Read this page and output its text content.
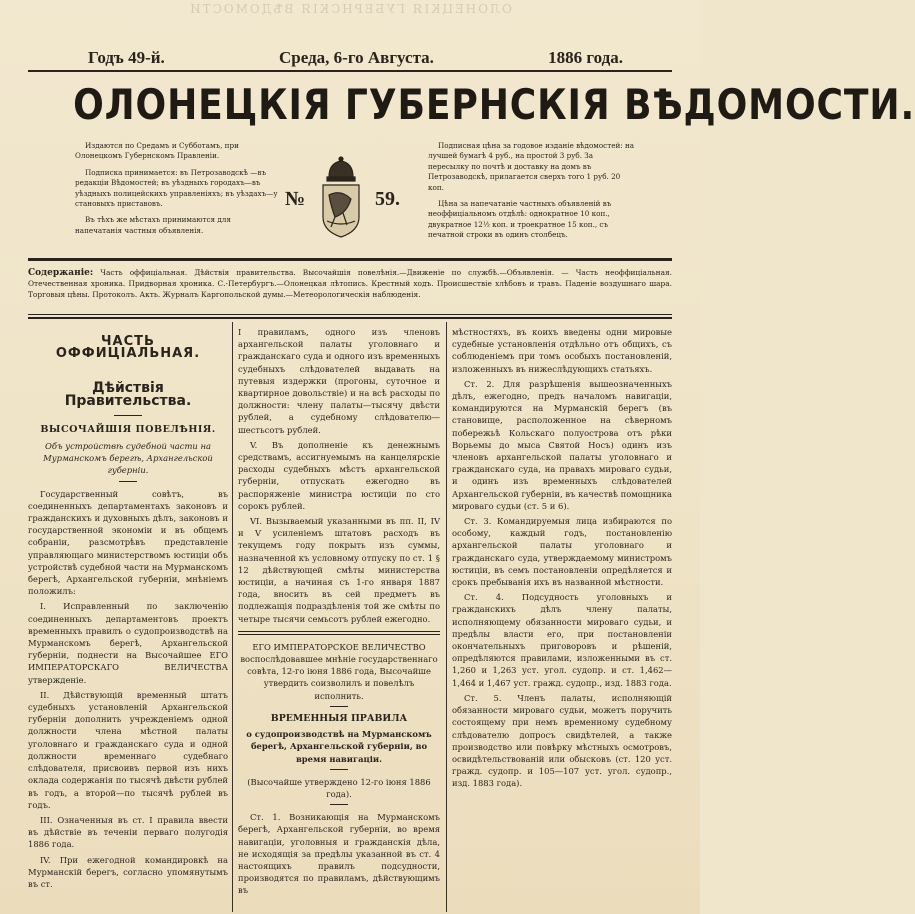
ОЛОНЕЦКІЯ ГУБЕРНСКІЯ ВѢДОМОСТИ
Годъ 49-й.	Среда, 6-го Августа.	1886 года.
ОЛОНЕЦКІЯ ГУБЕРНСКІЯ ВѢДОМОСТИ.

Издаются по Средамъ и Субботамъ, при Олонецкомъ Губернскомъ Правленіи.

Подписка принимается: въ Петрозаводскѣ —въ редакціи Вѣдомостей; въ уѣздныхъ городахъ—въ уѣздныхъ полицейскихъ управленіяхъ; въ уѣздахъ—у становыхъ приставовъ.

Въ тѣхъ же мѣстахъ принимаются для напечатанія частныя объявленія.

№	59.

Подписная цѣна за годовое изданіе вѣдомостей: на лучшей бумагѣ 4 руб., на простой 3 руб. За пересылку по почтѣ и доставку на домъ въ Петрозаводскѣ, прилагается сверхъ того 1 руб. 20 коп.

Цѣна за напечатаніе частныхъ объявленій въ неоффиціальномъ отдѣлѣ: однократное 10 коп., двукратное 12½ коп. и троекратное 15 коп., съ печатной строки въ одинъ столбецъ.

Содержаніе: Часть оффиціальная. Дѣйствія правительства. Высочайшія повелѣнія.—Движеніе по службѣ.—Объявленія. — Часть неоффиціальная. Отечественная хроника. Придворная хроника. С.-Петербургъ.—Олонецкая лѣтопись. Крестный ходъ. Происшествіе хлѣбовъ и травъ. Паденіе воздушнаго шара. Торговыя цѣны. Протоколъ. Акть. Журналъ Каргопольской думы.—Метеорологическія наблюденія.
ЧАСТЬ ОФФИЦІАЛЬНАЯ.
Дѣйствія Правительства.
ВЫСОЧАЙШІЯ ПОВЕЛѢНІЯ.

Объ устройствѣ судебной части на Мурманскомъ берегѣ, Архангельской губерніи.

Государственный совѣтъ, въ соединенныхъ департаментахъ законовъ и гражданскихъ и духовныхъ дѣлъ, законовъ и государственной экономіи и въ общемъ собраніи, разсмотрѣвъ представленіе управляющаго министерствомъ юстиціи объ устройствѣ судебной части на Мурманскомъ берегѣ, Архангельской губерніи, мнѣніемъ положилъ:

I. Исправленный по заключенію соединенныхъ департаментовъ проектъ временныхъ правилъ о судопроизводствѣ на Мурманскомъ берегѣ, Архангельской губерніи, поднести на Высочайшее ЕГО ИМПЕРАТОРСКАГО ВЕЛИЧЕСТВА утвержденіе.

II. Дѣйствующій временный штатъ судебныхъ установленій Архангельской губерніи дополнить учрежденіемъ одной должности члена мѣстной палаты уголовнаго и гражданскаго суда и одной должности временнаго судебнаго слѣдователя, присвоивъ первой изъ нихъ оклада содержанія по тысячѣ двѣсти рублей въ годъ, а второй—по тысячѣ рублей въ годъ.

III. Означенныя въ ст. I правила ввести въ дѣйствіе въ теченіи перваго полугодія 1886 года.

IV. При ежегодной командировкѣ на Мурманскій берегъ, согласно упомянутымъ въ ст.

I правиламъ, одного изъ членовъ архангельской палаты уголовнаго и гражданскаго суда и одного изъ временныхъ судебныхъ слѣдователей выдавать на путевыя издержки (прогоны, суточное и квартирное довольствіе) и на всѣ расходы по должности: члену палаты—тысячу двѣсти рублей, а судебному слѣдователю—шестьсотъ рублей.

V. Въ дополненіе къ денежнымъ средствамъ, ассигнуемымъ на канцелярскіе расходы судебныхъ мѣстъ архангельской губерніи, отпускать ежегодно въ распоряженіе министра юстиціи по сто сорокъ рублей.

VI. Вызываемый указанными въ пп. II, IV и V усиленіемъ штатовъ расходъ въ текущемъ году покрыть изъ суммы, назначенной къ условному отпуску по ст. 1 § 12 дѣйствующей смѣты министерства юстиціи, а начиная съ 1-го января 1887 года, вносить въ сей предметъ въ подлежащія подраздѣленія той же смѣты по четыре тысячи семьсотъ рублей ежегодно.

ЕГО ИМПЕРАТОРСКОЕ ВЕЛИЧЕСТВО воспослѣдовавшее мнѣніе государственнаго совѣта, 12-го іюня 1886 года, Высочайше утвердить соизволилъ и повелѣлъ исполнить.

ВРЕМЕННЫЯ ПРАВИЛА

о судопроизводствѣ на Мурманскомъ берегѣ, Архангельской губерніи, во время навигаціи.

(Высочайше утверждено 12-го іюня 1886 года).

Ст. 1. Возникающія на Мурманскомъ берегѣ, Архангельской губерніи, во время навигаціи, уголовныя и гражданскія дѣла, не исходящія за предѣлы указанной въ ст. 4 настоящихъ правилъ подсудности, производятся по правиламъ, дѣйствующимъ въ

мѣстностяхъ, въ коихъ введены одни мировые судебные установленія отдѣльно отъ общихъ, съ соблюденіемъ при томъ особыхъ постановленій, изложенныхъ въ нижеслѣдующихъ статьяхъ.

Ст. 2. Для разрѣшенія вышеозначенныхъ дѣлъ, ежегодно, предъ началомъ навигаціи, командируются на Мурманскій берегъ (въ становище, расположенное на сѣверномъ побережьѣ Кольскаго полуострова отъ рѣки Ворьемы до мыса Святой Носъ) одинъ изъ членовъ архангельской палаты уголовнаго и гражданскаго суда, на правахъ мироваго судьи, и одинъ изъ временныхъ слѣдователей Архангельской губерніи, въ качествѣ помощника мироваго судьи (ст. 5 и 6).

Ст. 3. Командируемыя лица избираются по особому, каждый годъ, постановленію архангельской палаты уголовнаго и гражданскаго суда, утверждаемому министромъ юстиціи, въ семъ постановленіи опредѣляется и срокъ пребыванія ихъ въ названной мѣстности.

Ст. 4. Подсудность уголовныхъ и гражданскихъ дѣлъ члену палаты, исполняющему обязанности мироваго судьи, и предѣлы власти его, при постановленіи окончательныхъ приговоровъ и рѣшеній, опредѣляются правилами, изложенными въ ст. 1,260 и 1,263 уст. угол. судопр. и ст. 1,462—1,464 и 1,467 уст. гражд. судопр., изд. 1883 года.

Ст. 5. Членъ палаты, исполняющій обязанности мироваго судьи, можетъ поручить состоящему при немъ временному судебному слѣдователю допросъ свидѣтелей, а также производство или повѣрку мѣстныхъ осмотровъ, освидѣтельствованій или обысковъ (ст. 120 уст. гражд. судопр. и 105—107 уст. угол. судопр., изд. 1883 года).
